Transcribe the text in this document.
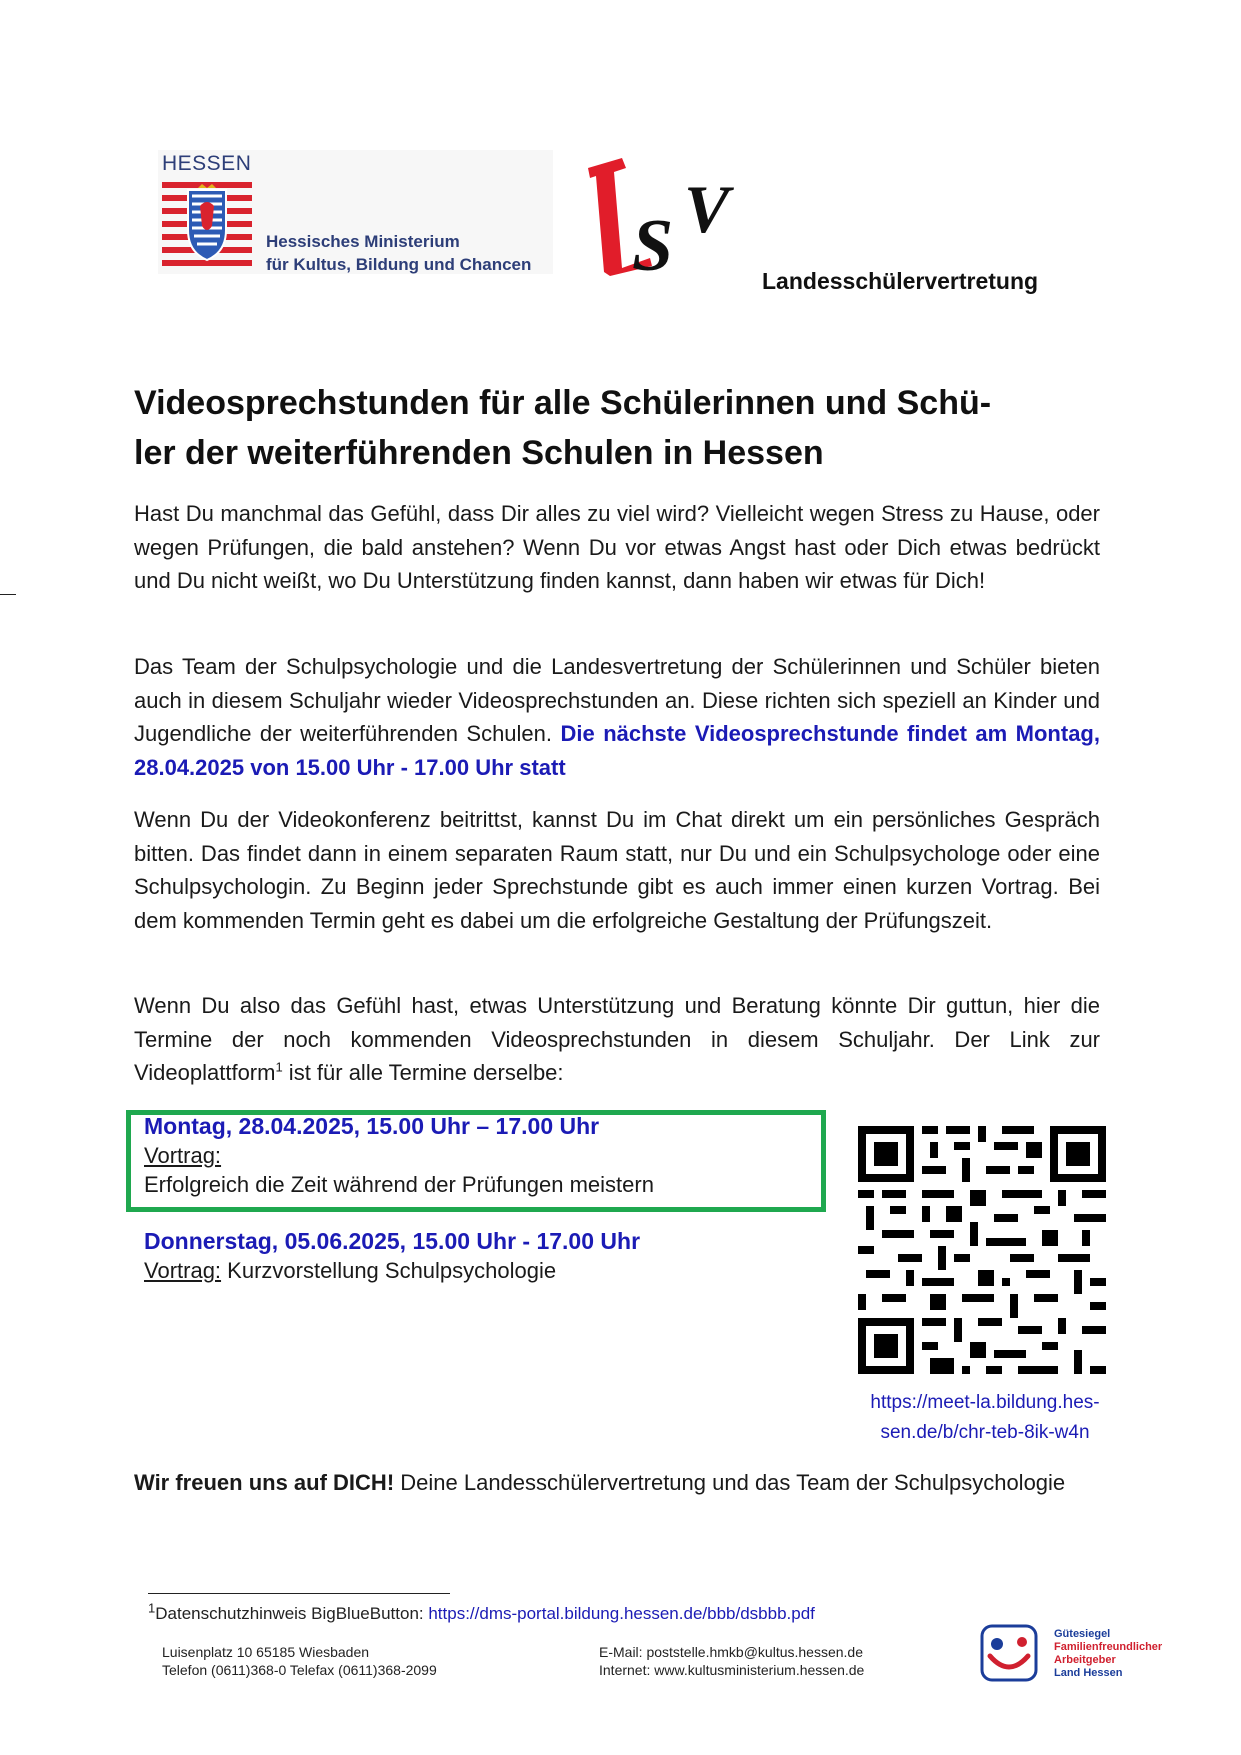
HESSEN
Hessisches Ministerium
für Kultus, Bildung und Chancen S V
Landesschülervertretung
Videosprechstunden für alle Schülerinnen und Schü-
ler der weiterführenden Schulen in Hessen

Hast Du manchmal das Gefühl, dass Dir alles zu viel wird? Vielleicht wegen Stress zu Hause, oder wegen Prüfungen, die bald anstehen? Wenn Du vor etwas Angst hast oder Dich etwas bedrückt und Du nicht weißt, wo Du Unterstützung finden kannst, dann haben wir etwas für Dich!

Das Team der Schulpsychologie und die Landesvertretung der Schülerinnen und Schüler bieten auch in diesem Schuljahr wieder Videosprechstunden an. Diese richten sich speziell an Kinder und Jugendliche der weiterführenden Schulen. Die nächste Videosprechstunde findet am Montag, 28.04.2025 von 15.00 Uhr - 17.00 Uhr statt

Wenn Du der Videokonferenz beitrittst, kannst Du im Chat direkt um ein persönliches Gespräch bitten. Das findet dann in einem separaten Raum statt, nur Du und ein Schulpsychologe oder eine Schulpsychologin. Zu Beginn jeder Sprechstunde gibt es auch immer einen kurzen Vortrag. Bei dem kommenden Termin geht es dabei um die erfolgreiche Gestaltung der Prüfungszeit.

Wenn Du also das Gefühl hast, etwas Unterstützung und Beratung könnte Dir guttun, hier die Termine der noch kommenden Videosprechstunden in diesem Schuljahr. Der Link zur Videoplattform$^1$ ist für alle Termine derselbe:

Montag, 28.04.2025, 15.00 Uhr – 17.00 Uhr
Vortrag:
Erfolgreich die Zeit während der Prüfungen meistern
Donnerstag, 05.06.2025, 15.00 Uhr - 17.00 Uhr
Vortrag: Kurzvorstellung Schulpsychologie
https://meet-la.bildung.hes-
sen.de/b/chr-teb-8ik-w4n

Wir freuen uns auf DICH! Deine Landesschülervertretung und das Team der Schulpsychologie

$^1$Datenschutzhinweis BigBlueButton: https://dms-portal.bildung.hessen.de/bbb/dsbbb.pdf
Luisenplatz 10 65185 Wiesbaden
Telefon (0611)368-0 Telefax (0611)368-2099
E-Mail: poststelle.hmkb@kultus.hessen.de
Internet: www.kultusministerium.hessen.de
Gütesiegel
Familienfreundlicher
Arbeitgeber
Land Hessen
